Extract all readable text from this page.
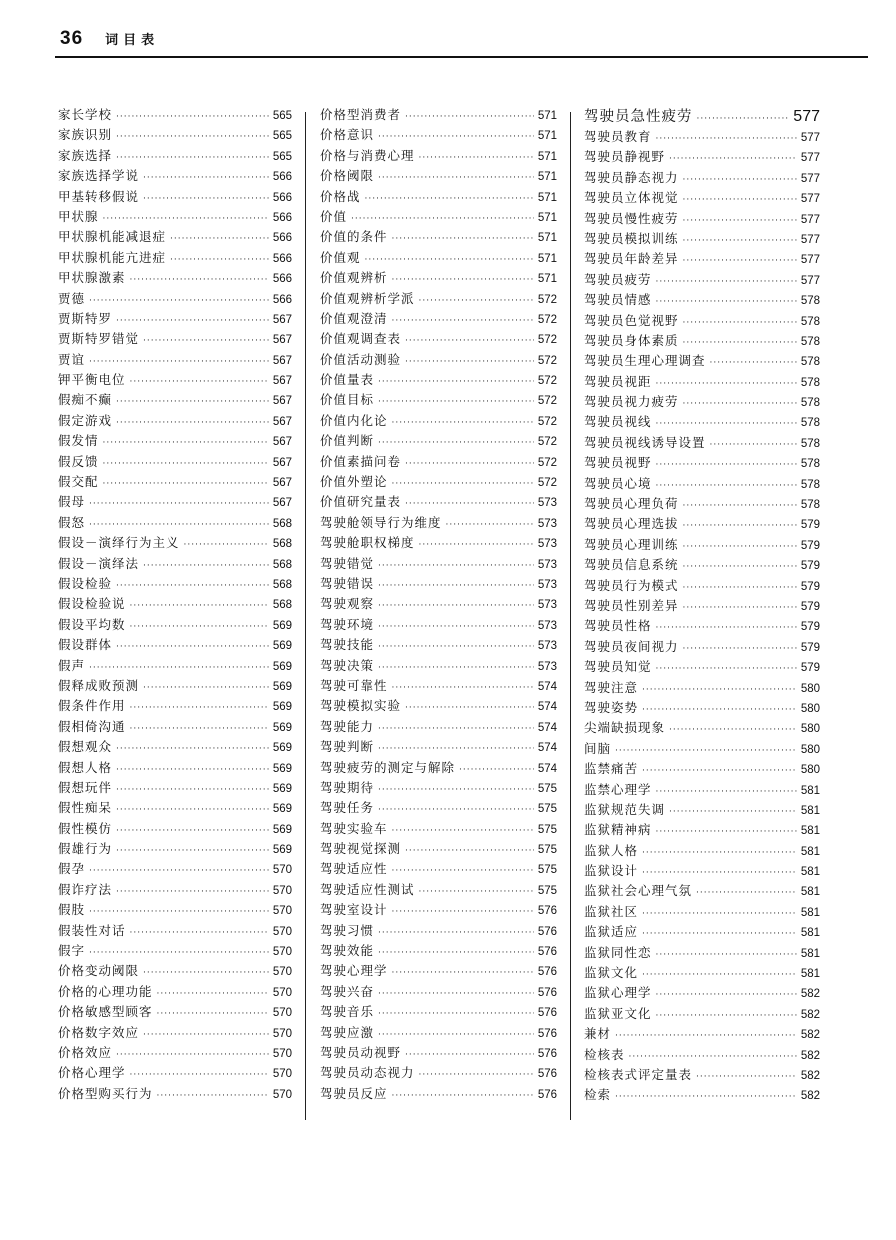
36 词目表
家长学校 ·····	565
家族识别 ·····	565
家族选择 ·····	565
家族选择学说 ·····	566
甲基转移假说 ·····	566
甲状腺 ·····	566
甲状腺机能减退症 ·····	566
甲状腺机能亢进症 ·····	566
甲状腺激素 ·····	566
贾德 ·····	566
贾斯特罗 ·····	567
贾斯特罗错觉 ·····	567
贾谊 ·····	567
钾平衡电位 ·····	567
假痴不癫 ·····	567
假定游戏 ·····	567
假发情 ·····	567
假反馈 ·····	567
假交配 ·····	567
假母 ·····	567
假怒 ·····	568
假设－演绎行为主义 ·····	568
假设－演绎法 ·····	568
假设检验 ·····	568
假设检验说 ·····	568
假设平均数 ·····	569
假设群体 ·····	569
假声 ·····	569
假释成败预测 ·····	569
假条件作用 ·····	569
假相倚沟通 ·····	569
假想观众 ·····	569
假想人格 ·····	569
假想玩伴 ·····	569
假性痴呆 ·····	569
假性模仿 ·····	569
假雄行为 ·····	569
假孕 ·····	570
假诈疗法 ·····	570
假肢 ·····	570
假装性对话 ·····	570
假字 ·····	570
价格变动阈限 ·····	570
价格的心理功能 ·····	570
价格敏感型顾客 ·····	570
价格数字效应 ·····	570
价格效应 ·····	570
价格心理学 ·····	570
价格型购买行为 ·····	570
价格型消费者 ·····	571
价格意识 ·····	571
价格与消费心理 ·····	571
价格阈限 ·····	571
价格战 ·····	571
价值 ·····	571
价值的条件 ·····	571
价值观 ·····	571
价值观辨析 ·····	571
价值观辨析学派 ·····	572
价值观澄清 ·····	572
价值观调查表 ·····	572
价值活动测验 ·····	572
价值量表 ·····	572
价值目标 ·····	572
价值内化论 ·····	572
价值判断 ·····	572
价值素描问卷 ·····	572
价值外塑论 ·····	572
价值研究量表 ·····	573
驾驶舱领导行为维度 ·····	573
驾驶舱职权梯度 ·····	573
驾驶错觉 ·····	573
驾驶错误 ·····	573
驾驶观察 ·····	573
驾驶环境 ·····	573
驾驶技能 ·····	573
驾驶决策 ·····	573
驾驶可靠性 ·····	574
驾驶模拟实验 ·····	574
驾驶能力 ·····	574
驾驶判断 ·····	574
驾驶疲劳的测定与解除 ·····	574
驾驶期待 ·····	575
驾驶任务 ·····	575
驾驶实验车 ·····	575
驾驶视觉探测 ·····	575
驾驶适应性 ·····	575
驾驶适应性测试 ·····	575
驾驶室设计 ·····	576
驾驶习惯 ·····	576
驾驶效能 ·····	576
驾驶心理学 ·····	576
驾驶兴奋 ·····	576
驾驶音乐 ·····	576
驾驶应激 ·····	576
驾驶员动视野 ·····	576
驾驶员动态视力 ·····	576
驾驶员反应 ·····	576
驾驶员急性疲劳 ·····	577
驾驶员教育 ·····	577
驾驶员静视野 ·····	577
驾驶员静态视力 ·····	577
驾驶员立体视觉 ·····	577
驾驶员慢性疲劳 ·····	577
驾驶员模拟训练 ·····	577
驾驶员年龄差异 ·····	577
驾驶员疲劳 ·····	577
驾驶员情感 ·····	578
驾驶员色觉视野 ·····	578
驾驶员身体素质 ·····	578
驾驶员生理心理调查 ·····	578
驾驶员视距 ·····	578
驾驶员视力疲劳 ·····	578
驾驶员视线 ·····	578
驾驶员视线诱导设置 ·····	578
驾驶员视野 ·····	578
驾驶员心境 ·····	578
驾驶员心理负荷 ·····	578
驾驶员心理选拔 ·····	579
驾驶员心理训练 ·····	579
驾驶员信息系统 ·····	579
驾驶员行为模式 ·····	579
驾驶员性别差异 ·····	579
驾驶员性格 ·····	579
驾驶员夜间视力 ·····	579
驾驶员知觉 ·····	579
驾驶注意 ·····	580
驾驶姿势 ·····	580
尖端缺损现象 ·····	580
间脑 ·····	580
监禁痛苦 ·····	580
监禁心理学 ·····	581
监狱规范失调 ·····	581
监狱精神病 ·····	581
监狱人格 ·····	581
监狱设计 ·····	581
监狱社会心理气氛 ·····	581
监狱社区 ·····	581
监狱适应 ·····	581
监狱同性恋 ·····	581
监狱文化 ·····	581
监狱心理学 ·····	582
监狱亚文化 ·····	582
兼材 ·····	582
检核表 ·····	582
检核表式评定量表 ·····	582
检索 ·····	582
